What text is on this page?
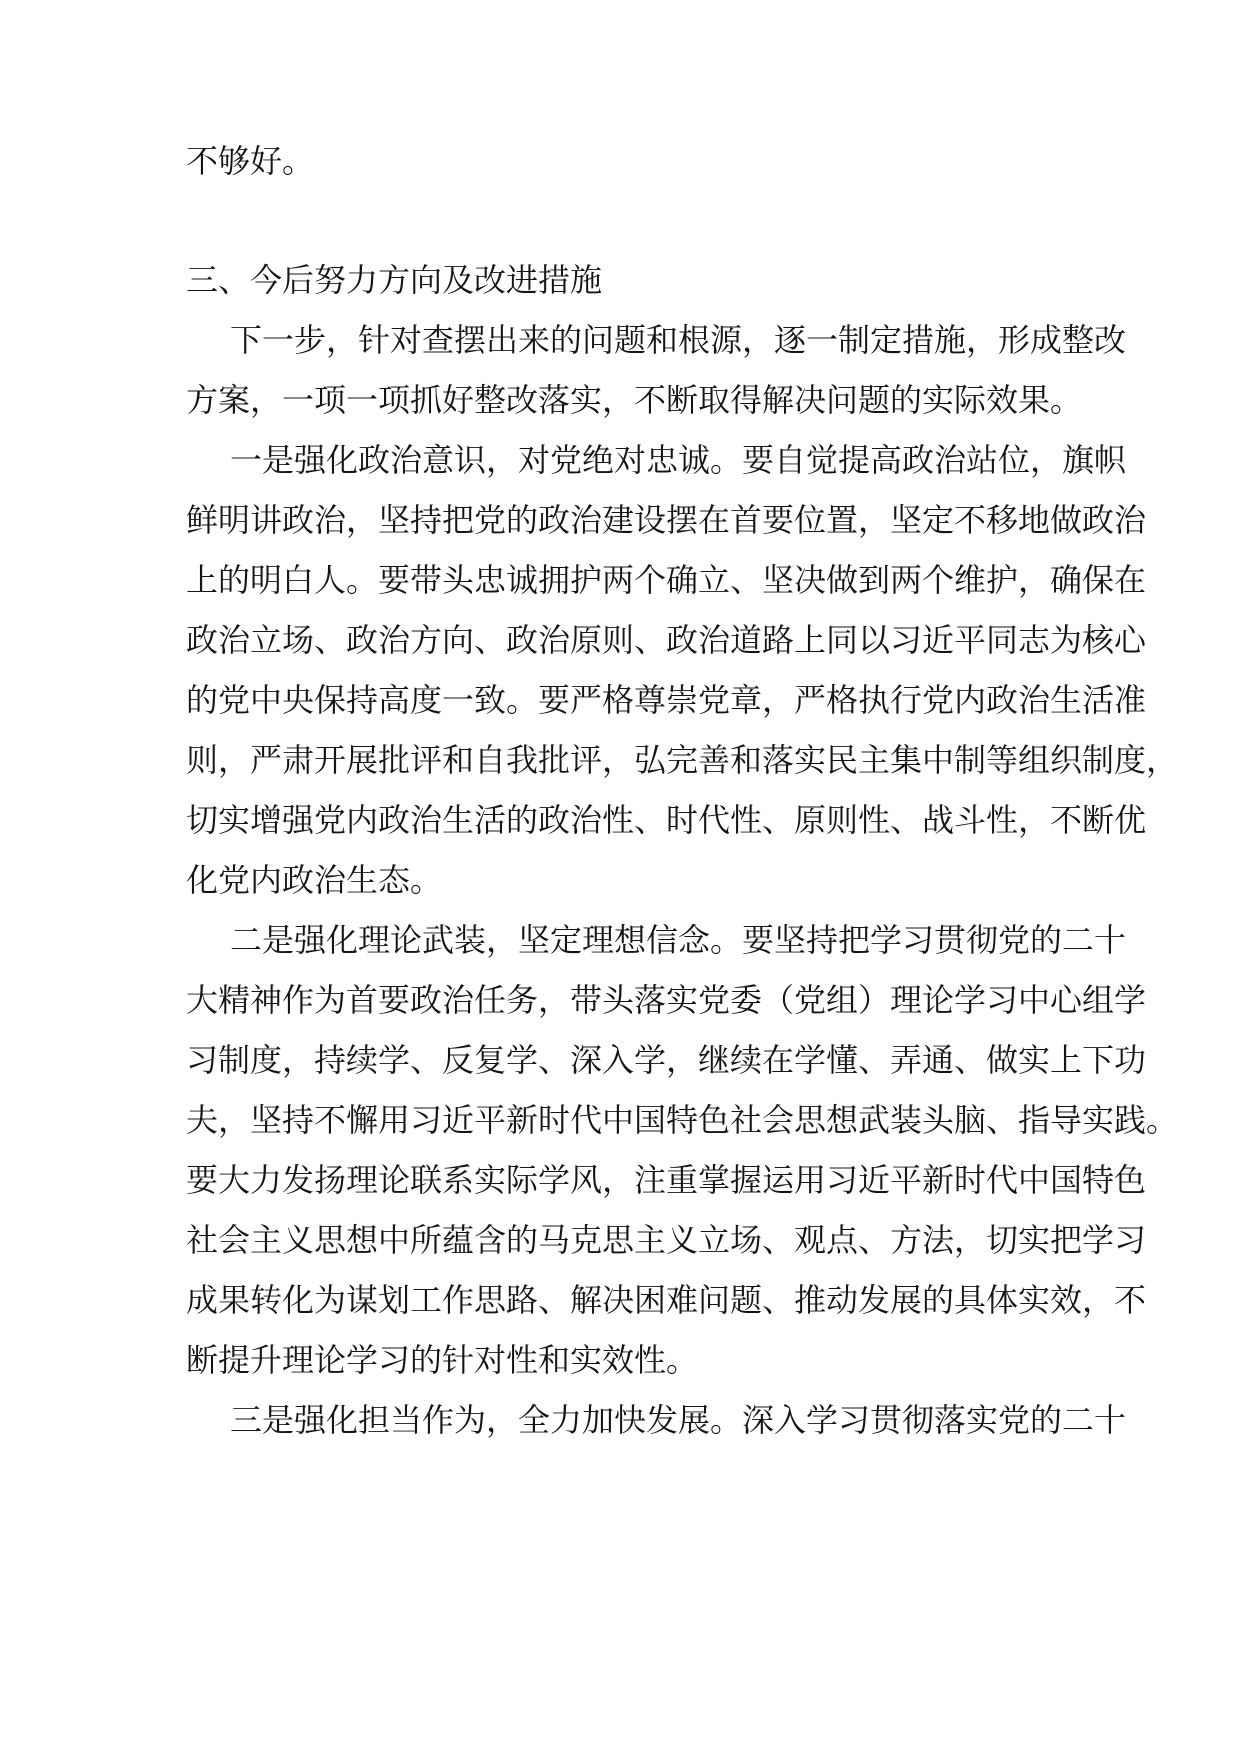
不够好。
三、今后努力方向及改进措施
下一步，针对查摆出来的问题和根源，逐一制定措施，形成整改
方案，一项一项抓好整改落实，不断取得解决问题的实际效果。
一是强化政治意识，对党绝对忠诚。要自觉提高政治站位，旗帜
鲜明讲政治，坚持把党的政治建设摆在首要位置，坚定不移地做政治
上的明白人。要带头忠诚拥护两个确立、坚决做到两个维护，确保在
政治立场、政治方向、政治原则、政治道路上同以习近平同志为核心
的党中央保持高度一致。要严格尊崇党章，严格执行党内政治生活准
则，严肃开展批评和自我批评，弘完善和落实民主集中制等组织制度，
切实增强党内政治生活的政治性、时代性、原则性、战斗性，不断优
化党内政治生态。
二是强化理论武装，坚定理想信念。要坚持把学习贯彻党的二十
大精神作为首要政治任务，带头落实党委（党组）理论学习中心组学
习制度，持续学、反复学、深入学，继续在学懂、弄通、做实上下功
夫，坚持不懈用习近平新时代中国特色社会思想武装头脑、指导实践。
要大力发扬理论联系实际学风，注重掌握运用习近平新时代中国特色
社会主义思想中所蕴含的马克思主义立场、观点、方法，切实把学习
成果转化为谋划工作思路、解决困难问题、推动发展的具体实效，不
断提升理论学习的针对性和实效性。
三是强化担当作为，全力加快发展。深入学习贯彻落实党的二十
